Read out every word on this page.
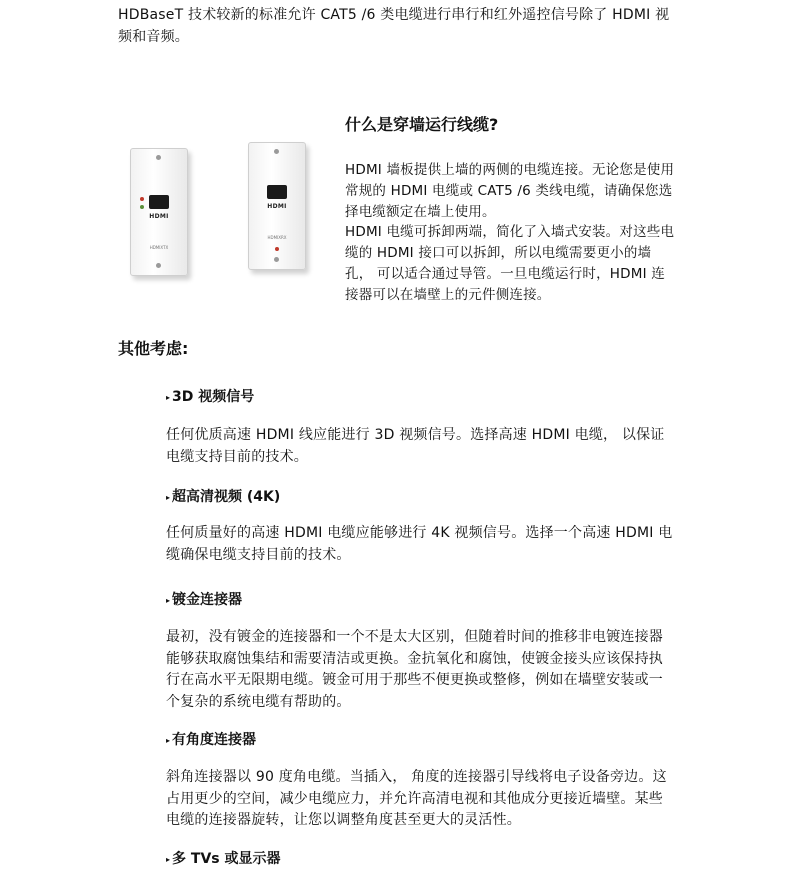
HDBaseT 技术较新的标准允许 CAT5 /6 类电缆进行串行和红外遥控信号除了 HDMI 视频和音频。
HDMI
HDMIXTX
HDMI
HDMIXRX
什么是穿墙运行线缆?

HDMI 墙板提供上墙的两侧的电缆连接。无论您是使用常规的 HDMI 电缆或 CAT5 /6 类线电缆，请确保您选择电缆额定在墙上使用。

HDMI 电缆可拆卸两端，简化了入墙式安装。对这些电缆的 HDMI 接口可以拆卸，所以电缆需要更小的墙孔， 可以适合通过导管。一旦电缆运行时，HDMI 连接器可以在墙壁上的元件侧连接。

其他考虑:
▸ 3D 视频信号
任何优质高速 HDMI 线应能进行 3D 视频信号。选择高速 HDMI 电缆， 以保证电缆支持目前的技术。
▸ 超高清视频 (4K)
任何质量好的高速 HDMI 电缆应能够进行 4K 视频信号。选择一个高速 HDMI 电缆确保电缆支持目前的技术。
▸ 镀金连接器
最初，没有镀金的连接器和一个不是太大区别，但随着时间的推移非电镀连接器能够获取腐蚀集结和需要清洁或更换。金抗氧化和腐蚀，使镀金接头应该保持执行在高水平无限期电缆。镀金可用于那些不便更换或整修，例如在墙壁安装或一个复杂的系统电缆有帮助的。
▸ 有角度连接器
斜角连接器以 90 度角电缆。当插入， 角度的连接器引导线将电子设备旁边。这占用更少的空间，减少电缆应力，并允许高清电视和其他成分更接近墙壁。某些电缆的连接器旋转，让您以调整角度甚至更大的灵活性。
▸ 多 TVs 或显示器
